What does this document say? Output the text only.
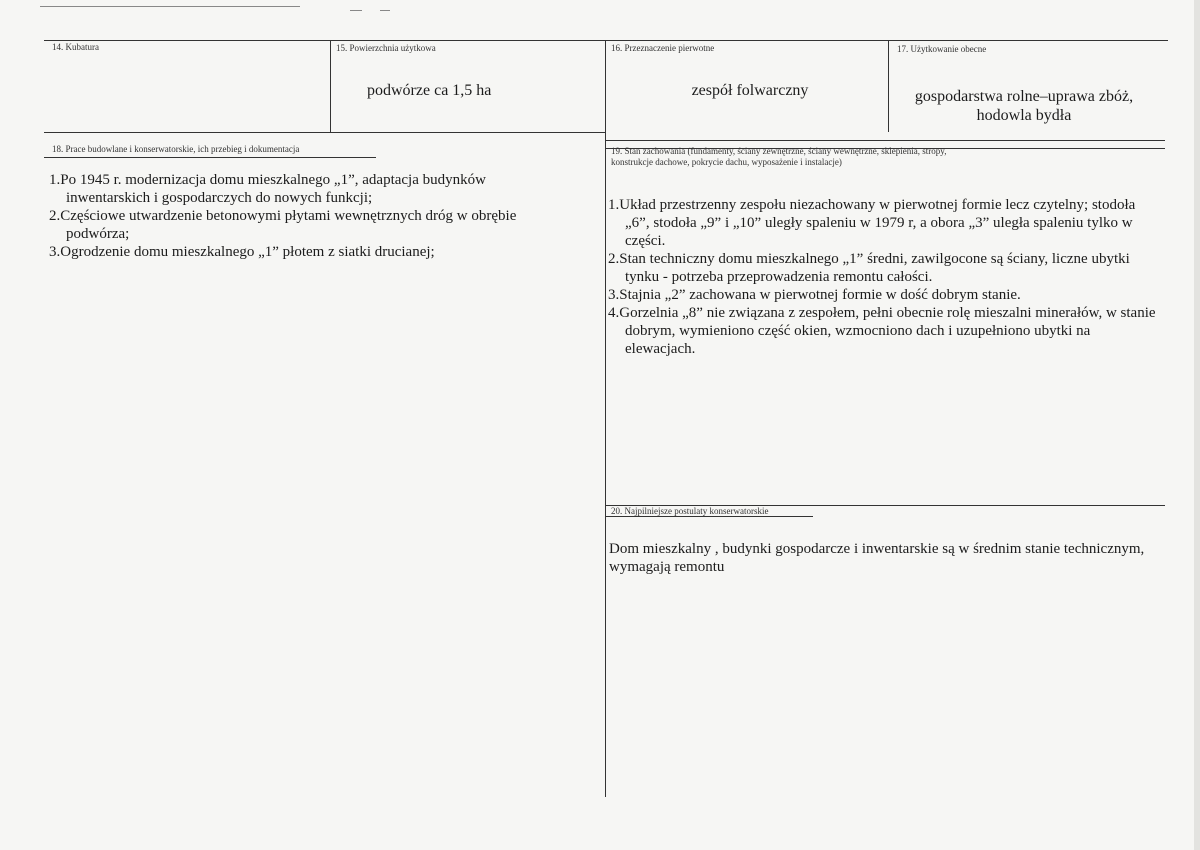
14. Kubatura	15. Powierzchnia użytkowa
podwórze ca 1,5 ha
16. Przeznaczenie pierwotne
zespół folwarczny
17. Użytkowanie obecne
gospodarstwa rolne–uprawa zbóż,
hodowla bydła
18. Prace budowlane i konserwatorskie, ich przebieg i dokumentacja
1.Po 1945 r. modernizacja domu mieszkalnego „1”, adaptacja budynków inwentarskich i gospodarczych do nowych funkcji;
2.Częściowe utwardzenie betonowymi płytami wewnętrznych dróg w obrębie podwórza;
3.Ogrodzenie domu mieszkalnego „1” płotem z siatki drucianej;
19. Stan zachowania (fundamenty, ściany zewnętrzne, ściany wewnętrzne, sklepienia, stropy,
konstrukcje dachowe, pokrycie dachu, wyposażenie i instalacje)
1.Układ przestrzenny zespołu niezachowany w pierwotnej formie lecz czytelny; stodoła „6”, stodoła „9” i „10” uległy spaleniu w 1979 r, a obora „3” uległa spaleniu tylko w części.
2.Stan techniczny domu mieszkalnego „1” średni, zawilgocone są ściany, liczne ubytki tynku - potrzeba przeprowadzenia remontu całości.
3.Stajnia „2” zachowana w pierwotnej formie w dość dobrym stanie.
4.Gorzelnia „8” nie związana z zespołem, pełni obecnie rolę mieszalni minerałów, w stanie dobrym, wymieniono część okien, wzmocniono dach i uzupełniono ubytki na elewacjach.
20. Najpilniejsze postulaty konserwatorskie
Dom mieszkalny , budynki gospodarcze i inwentarskie są w średnim stanie technicznym, wymagają remontu
